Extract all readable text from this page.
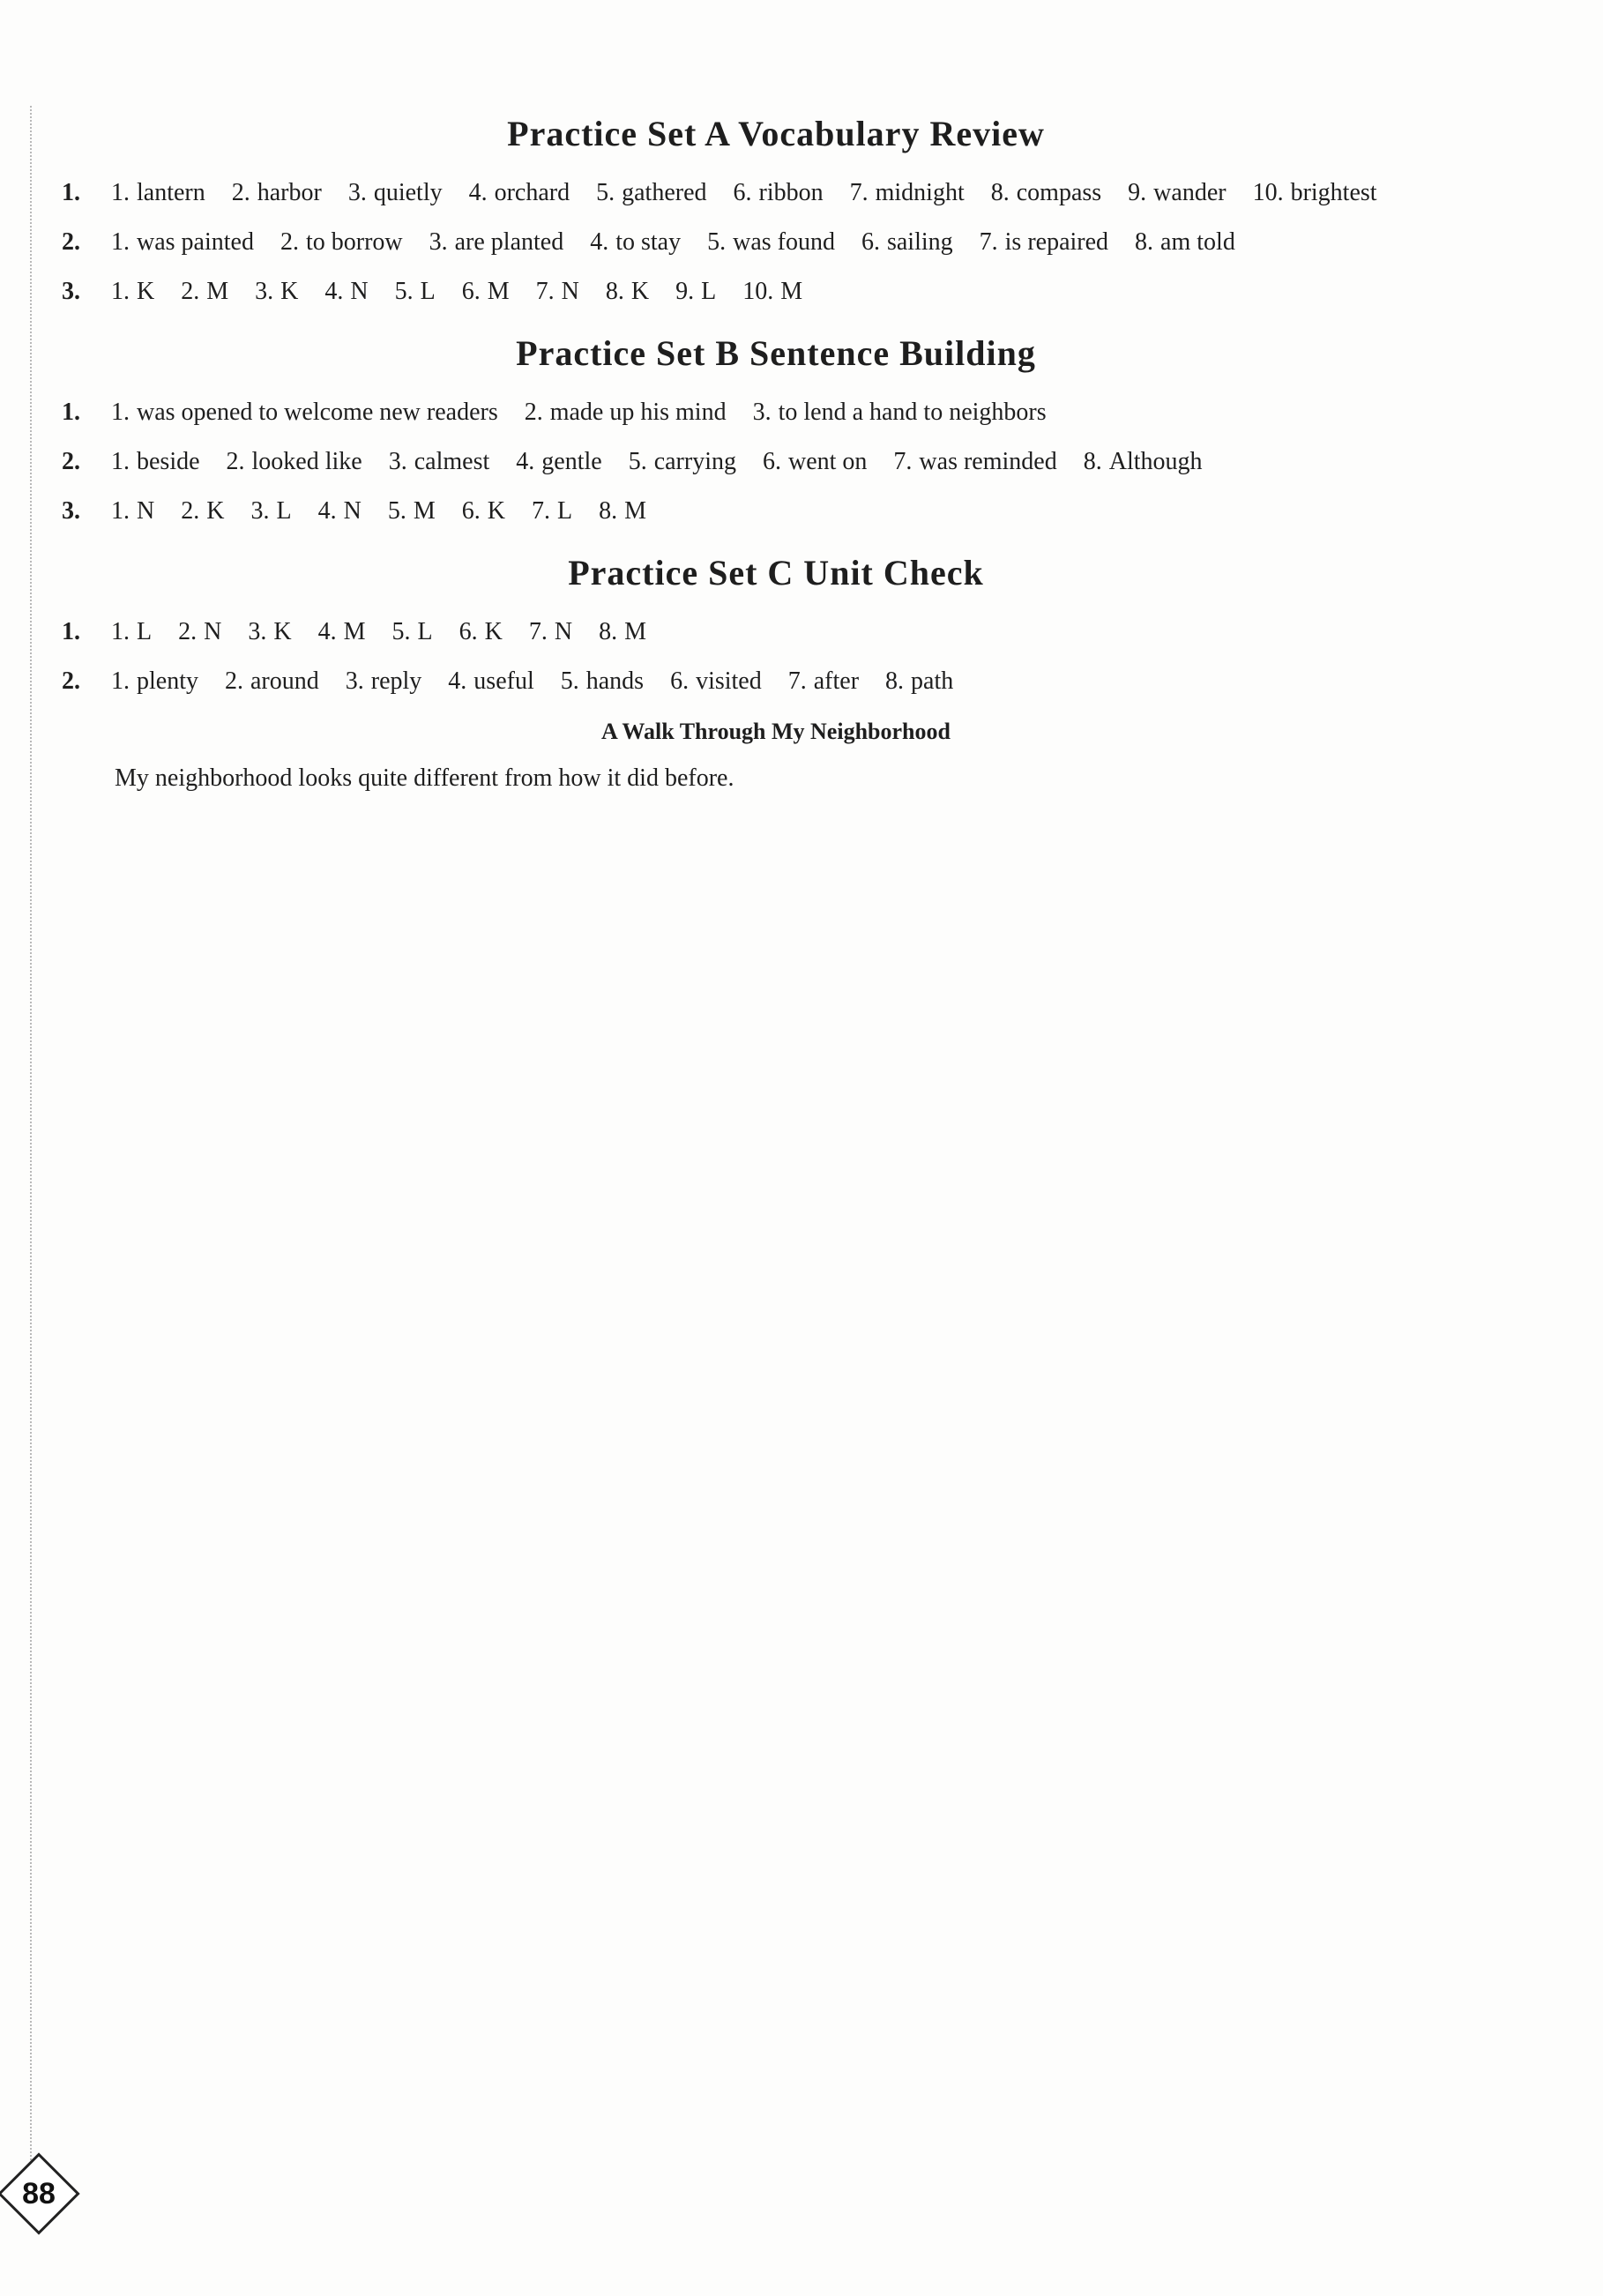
Practice Set A Vocabulary Review
1.	1. lantern 2. harbor 3. quietly 4. orchard 5. gathered 6. ribbon 7. midnight 8. compass 9. wander 10. brightest
2.	1. was painted 2. to borrow 3. are planted 4. to stay 5. was found 6. sailing 7. is repaired 8. am told
3.	1. K 2. M 3. K 4. N 5. L 6. M 7. N 8. K 9. L 10. M
Practice Set B Sentence Building
1.	1. was opened to welcome new readers 2. made up his mind 3. to lend a hand to neighbors
2.	1. beside 2. looked like 3. calmest 4. gentle 5. carrying 6. went on 7. was reminded 8. Although
3.	1. N 2. K 3. L 4. N 5. M 6. K 7. L 8. M
Practice Set C Unit Check
1.	1. L 2. N 3. K 4. M 5. L 6. K 7. N 8. M
2.	1. plenty 2. around 3. reply 4. useful 5. hands 6. visited 7. after 8. path
A Walk Through My Neighborhood
My neighborhood looks quite different from how it did before.
88
